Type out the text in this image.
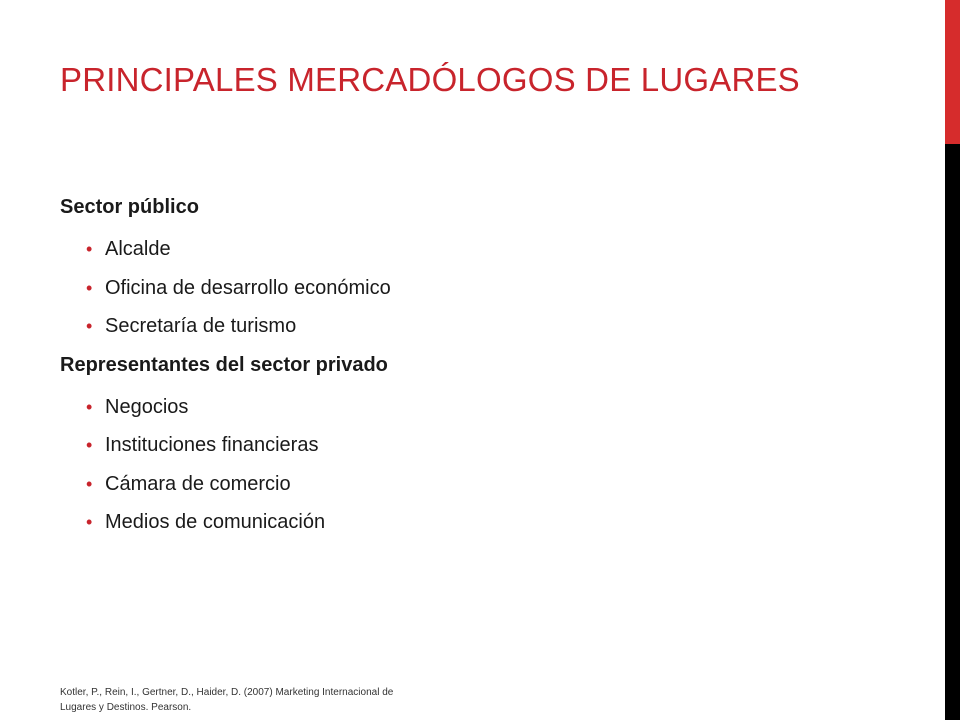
PRINCIPALES MERCADÓLOGOS DE LUGARES

Sector público

• Alcalde
• Oficina de desarrollo económico
• Secretaría de turismo

Representantes del sector privado

• Negocios
• Instituciones financieras
• Cámara de comercio
• Medios de comunicación
Kotler, P., Rein, I., Gertner, D., Haider, D. (2007) Marketing Internacional de Lugares y Destinos. Pearson.
